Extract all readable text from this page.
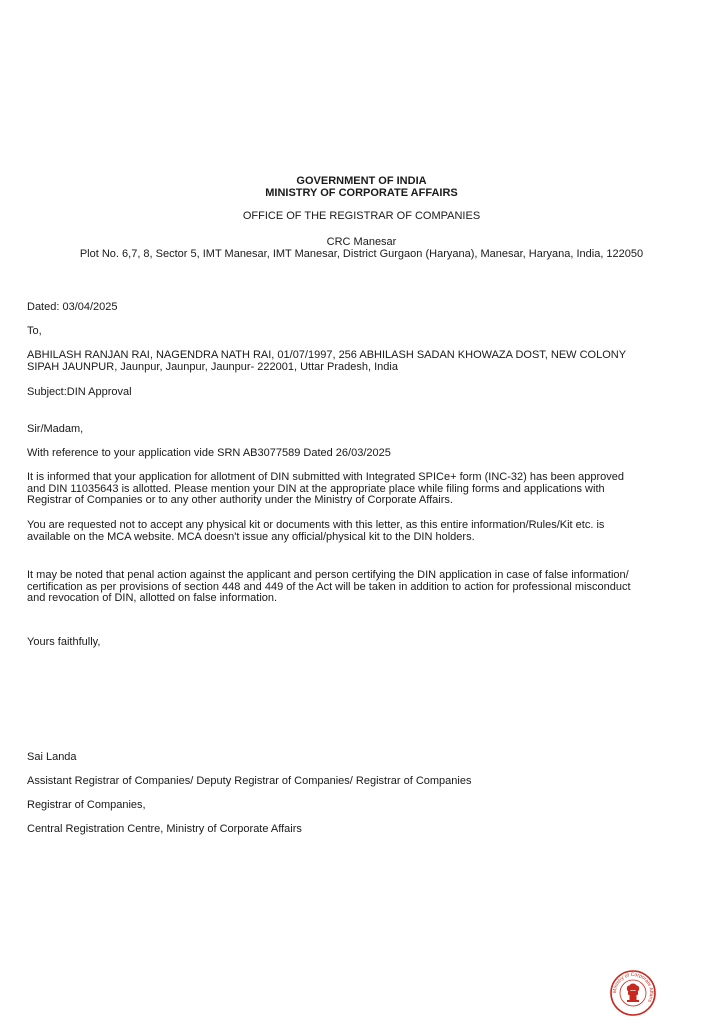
GOVERNMENT OF INDIA
MINISTRY OF CORPORATE AFFAIRS
OFFICE OF THE REGISTRAR OF COMPANIES
CRC Manesar
Plot No. 6,7, 8, Sector 5, IMT Manesar, IMT Manesar, District Gurgaon (Haryana), Manesar, Haryana, India, 122050
Dated: 03/04/2025
To,
ABHILASH RANJAN RAI, NAGENDRA NATH RAI, 01/07/1997, 256 ABHILASH SADAN KHOWAZA DOST, NEW COLONY
SIPAH JAUNPUR, Jaunpur, Jaunpur, Jaunpur- 222001, Uttar Pradesh, India
Subject:DIN Approval
Sir/Madam,
With reference to your application vide SRN AB3077589 Dated 26/03/2025
It is informed that your application for allotment of DIN submitted with Integrated SPICe+ form (INC-32) has been approved
and DIN 11035643 is allotted. Please mention your DIN at the appropriate place while filing forms and applications with
Registrar of Companies or to any other authority under the Ministry of Corporate Affairs.
You are requested not to accept any physical kit or documents with this letter, as this entire information/Rules/Kit etc. is
available on the MCA website. MCA doesn't issue any official/physical kit to the DIN holders.
It may be noted that penal action against the applicant and person certifying the DIN application in case of false information/
certification as per provisions of section 448 and 449 of the Act will be taken in addition to action for professional misconduct
and revocation of DIN, allotted on false information.
Yours faithfully,
Sai Landa
Assistant Registrar of Companies/ Deputy Registrar of Companies/ Registrar of Companies
Registrar of Companies,
Central Registration Centre, Ministry of Corporate Affairs
Ministry of Corporate Affairs
